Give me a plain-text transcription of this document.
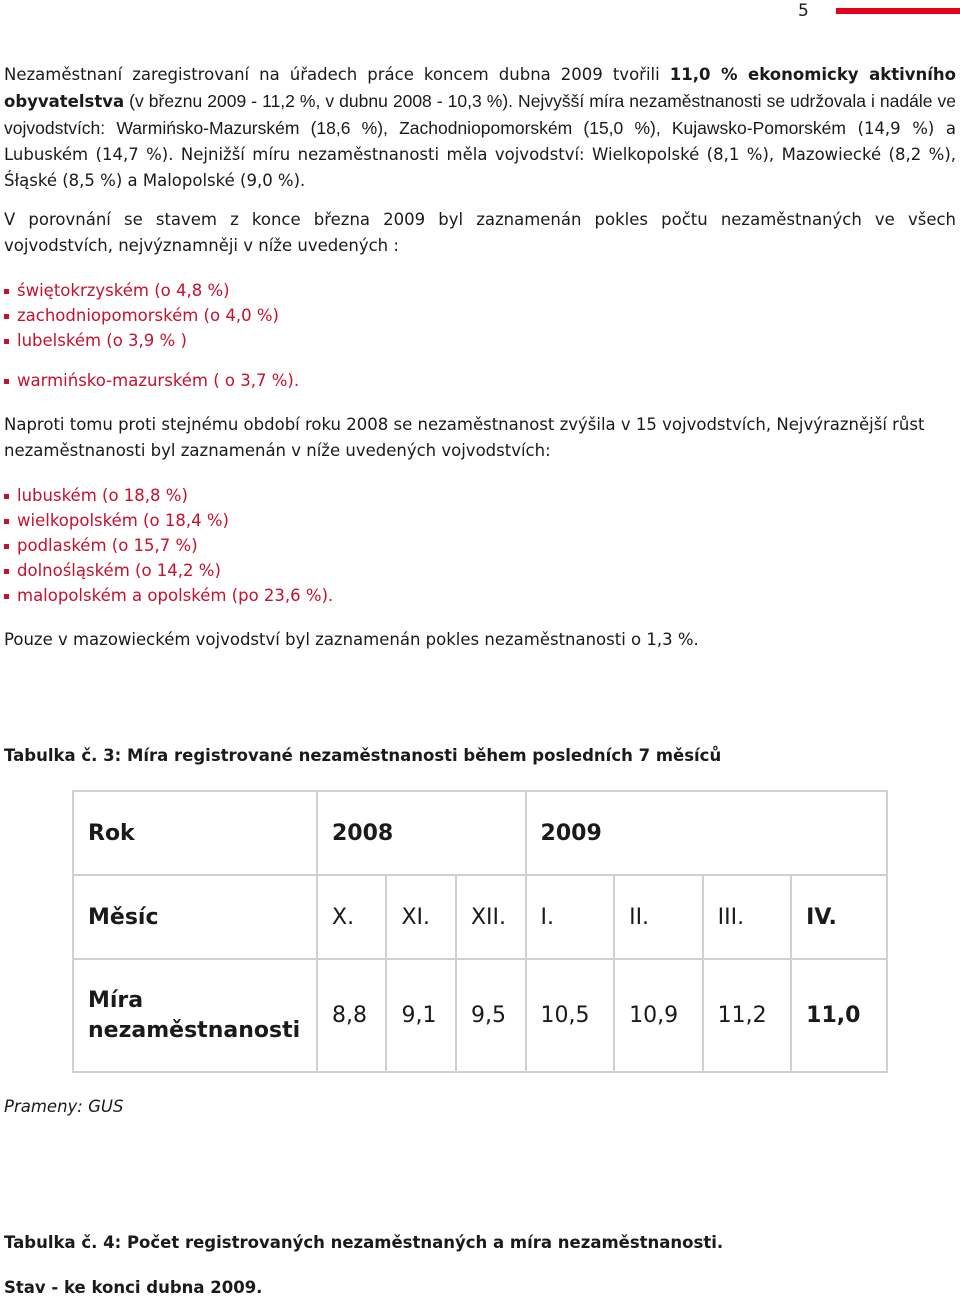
5

Nezaměstnaní zaregistrovaní na úřadech práce koncem dubna 2009 tvořili 11,0 % ekonomicky aktivního obyvatelstva (v březnu 2009 - 11,2 %, v dubnu 2008 - 10,3 %). Nejvyšší míra nezaměstnanosti se udržovala i nadále ve vojvodstvích: Warmińsko-Mazurském (18,6 %), Zachodniopomorském (15,0 %), Kujawsko-Pomorském (14,9 %) a Lubuském (14,7 %). Nejnižší míru nezaměstnanosti měla vojvodství: Wielkopolské (8,1 %), Mazowiecké (8,2 %), Śłąské (8,5 %) a Malopolské (9,0 %).

V porovnání se stavem z konce března 2009 byl zaznamenán pokles počtu nezaměstnaných ve všech vojvodstvích, nejvýznamněji v níže uvedených :

świętokrzyském (o 4,8 %)
zachodniopomorském (o 4,0 %)
lubelském (o 3,9 % )
warmińsko-mazurském ( o 3,7 %).

Naproti tomu proti stejnému období roku 2008 se nezaměstnanost zvýšila v 15 vojvodstvích, Nejvýraznější růst nezaměstnanosti byl zaznamenán v níže uvedených vojvodstvích:

lubuském (o 18,8 %)
wielkopolském (o 18,4 %)
podlaském (o 15,7 %)
dolnośląském (o 14,2 %)
malopolském a opolském (po 23,6 %).

Pouze v mazowieckém vojvodství byl zaznamenán pokles nezaměstnanosti o 1,3 %.

Tabulka č. 3: Míra registrované nezaměstnanosti během posledních 7 měsíců

Rok	2008			2009			
Měsíc	X.	XI.	XII.	I.	II.	III.	IV.
Míra
nezaměstnanosti	8,8	9,1	9,5	10,5	10,9	11,2	11,0

Prameny: GUS

Tabulka č. 4: Počet registrovaných nezaměstnaných a míra nezaměstnanosti.

Stav - ke konci dubna 2009.
